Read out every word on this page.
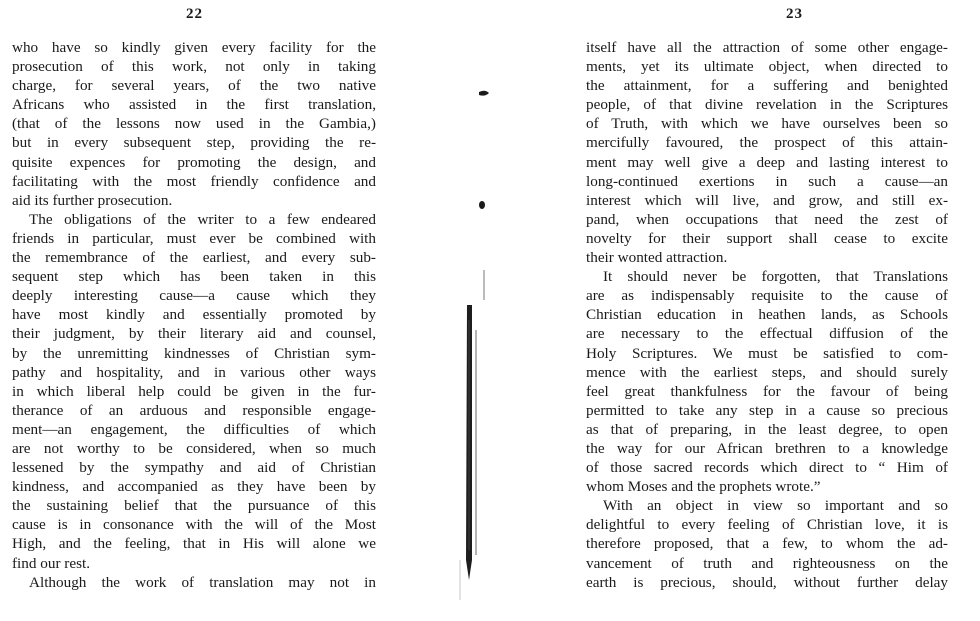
22
who have so kindly given every facility for the
prosecution of this work, not only in taking
charge, for several years, of the two native
Africans who assisted in the first translation,
(that of the lessons now used in the Gambia,)
but in every subsequent step, providing the re-
quisite expences for promoting the design, and
facilitating with the most friendly confidence and
aid its further prosecution.
The obligations of the writer to a few endeared
friends in particular, must ever be combined with
the remembrance of the earliest, and every sub-
sequent step which has been taken in this
deeply interesting cause—a cause which they
have most kindly and essentially promoted by
their judgment, by their literary aid and counsel,
by the unremitting kindnesses of Christian sym-
pathy and hospitality, and in various other ways
in which liberal help could be given in the fur-
therance of an arduous and responsible engage-
ment—an engagement, the difficulties of which
are not worthy to be considered, when so much
lessened by the sympathy and aid of Christian
kindness, and accompanied as they have been by
the sustaining belief that the pursuance of this
cause is in consonance with the will of the Most
High, and the feeling, that in His will alone we
find our rest.
Although the work of translation may not in
23
itself have all the attraction of some other engage-
ments, yet its ultimate object, when directed to
the attainment, for a suffering and benighted
people, of that divine revelation in the Scriptures
of Truth, with which we have ourselves been so
mercifully favoured, the prospect of this attain-
ment may well give a deep and lasting interest to
long-continued exertions in such a cause—an
interest which will live, and grow, and still ex-
pand, when occupations that need the zest of
novelty for their support shall cease to excite
their wonted attraction.
It should never be forgotten, that Translations
are as indispensably requisite to the cause of
Christian education in heathen lands, as Schools
are necessary to the effectual diffusion of the
Holy Scriptures. We must be satisfied to com-
mence with the earliest steps, and should surely
feel great thankfulness for the favour of being
permitted to take any step in a cause so precious
as that of preparing, in the least degree, to open
the way for our African brethren to a knowledge
of those sacred records which direct to “ Him of
whom Moses and the prophets wrote.”
With an object in view so important and so
delightful to every feeling of Christian love, it is
therefore proposed, that a few, to whom the ad-
vancement of truth and righteousness on the
earth is precious, should, without further delay
